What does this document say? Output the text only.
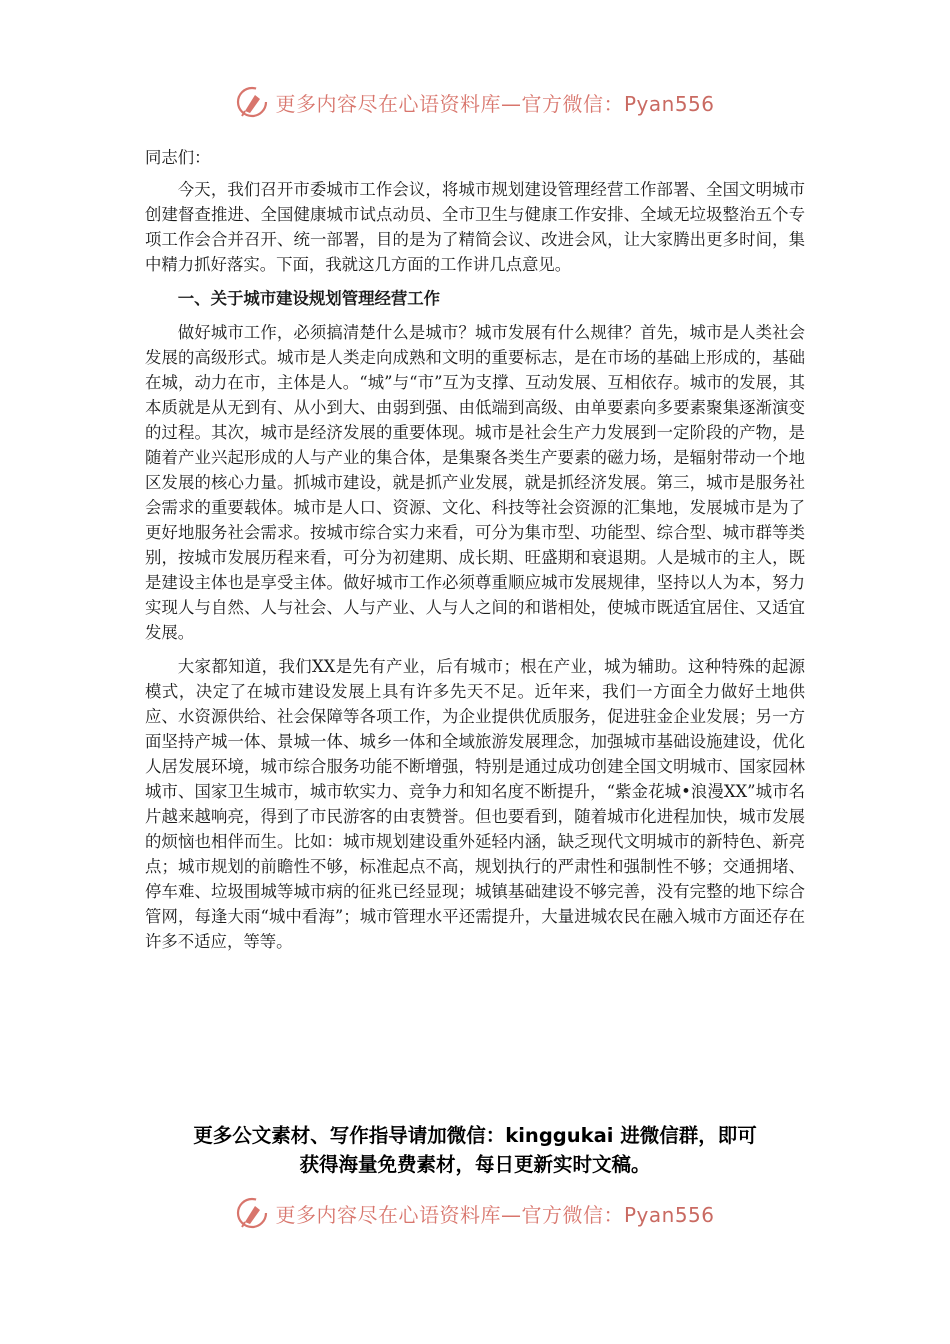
更多内容尽在心语资料库—官方微信：Pyan556

同志们：

今天，我们召开市委城市工作会议，将城市规划建设管理经营工作部署、全国文明城市创建督查推进、全国健康城市试点动员、全市卫生与健康工作安排、全域无垃圾整治五个专项工作会合并召开、统一部署，目的是为了精简会议、改进会风，让大家腾出更多时间，集中精力抓好落实。下面，我就这几方面的工作讲几点意见。

一、关于城市建设规划管理经营工作

做好城市工作，必须搞清楚什么是城市？城市发展有什么规律？首先，城市是人类社会发展的高级形式。城市是人类走向成熟和文明的重要标志，是在市场的基础上形成的，基础在城，动力在市，主体是人。“城”与“市”互为支撑、互动发展、互相依存。城市的发展，其本质就是从无到有、从小到大、由弱到强、由低端到高级、由单要素向多要素聚集逐渐演变的过程。其次，城市是经济发展的重要体现。城市是社会生产力发展到一定阶段的产物，是随着产业兴起形成的人与产业的集合体，是集聚各类生产要素的磁力场，是辐射带动一个地区发展的核心力量。抓城市建设，就是抓产业发展，就是抓经济发展。第三，城市是服务社会需求的重要载体。城市是人口、资源、文化、科技等社会资源的汇集地，发展城市是为了更好地服务社会需求。按城市综合实力来看，可分为集市型、功能型、综合型、城市群等类别，按城市发展历程来看，可分为初建期、成长期、旺盛期和衰退期。人是城市的主人，既是建设主体也是享受主体。做好城市工作必须尊重顺应城市发展规律，坚持以人为本，努力实现人与自然、人与社会、人与产业、人与人之间的和谐相处，使城市既适宜居住、又适宜发展。

大家都知道，我们XX是先有产业，后有城市；根在产业，城为辅助。这种特殊的起源模式，决定了在城市建设发展上具有许多先天不足。近年来，我们一方面全力做好土地供应、水资源供给、社会保障等各项工作，为企业提供优质服务，促进驻金企业发展；另一方面坚持产城一体、景城一体、城乡一体和全域旅游发展理念，加强城市基础设施建设，优化人居发展环境，城市综合服务功能不断增强，特别是通过成功创建全国文明城市、国家园林城市、国家卫生城市，城市软实力、竞争力和知名度不断提升，“紫金花城•浪漫XX”城市名片越来越响亮，得到了市民游客的由衷赞誉。但也要看到，随着城市化进程加快，城市发展的烦恼也相伴而生。比如：城市规划建设重外延轻内涵，缺乏现代文明城市的新特色、新亮点；城市规划的前瞻性不够，标准起点不高，规划执行的严肃性和强制性不够；交通拥堵、停车难、垃圾围城等城市病的征兆已经显现；城镇基础建设不够完善，没有完整的地下综合管网，每逢大雨“城中看海”；城市管理水平还需提升，大量进城农民在融入城市方面还存在许多不适应，等等。

更多公文素材、写作指导请加微信：kinggukai 进微信群，即可
获得海量免费素材，每日更新实时文稿。
更多内容尽在心语资料库—官方微信：Pyan556
